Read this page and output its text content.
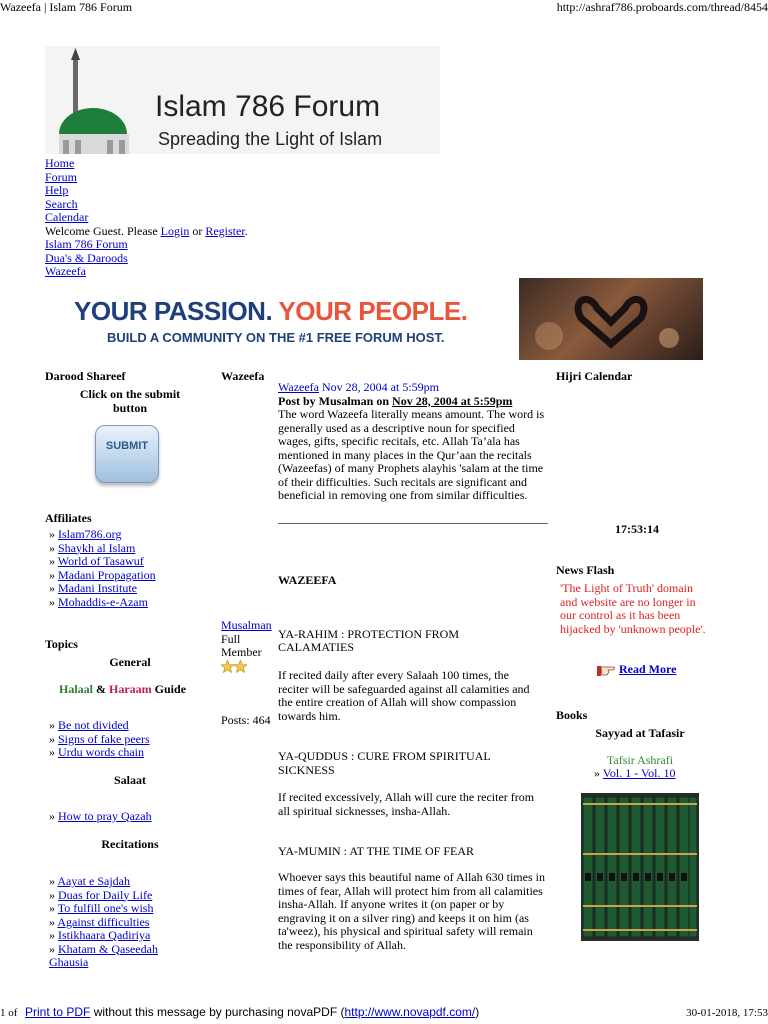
Wazeefa | Islam 786 Forum	http://ashraf786.proboards.com/thread/8454
Islam 786 Forum
Spreading the Light of Islam
Home
Forum
Help
Search
Calendar
Welcome Guest. Please Login or Register.
Islam 786 Forum
Dua's & Daroods
Wazeefa
YOUR PASSION. YOUR PEOPLE.
BUILD A COMMUNITY ON THE #1 FREE FORUM HOST.
Darood Shareef
Click on the submit button
SUBMIT
Affiliates
» Islam786.org
» Shaykh al Islam
» World of Tasawuf
» Madani Propagation
» Madani Institute
» Mohaddis-e-Azam
Topics
General
Halaal & Haraam Guide
» Be not divided
» Signs of fake peers
» Urdu words chain
Salaat
» How to pray Qazah
Recitations
» Aayat e Sajdah
» Duas for Daily Life
» To fulfill one's wish
» Against difficulties
» Istikhaara Qadiriya
» Khatam & Qaseedah Ghausia
Wazeefa
Musalman
Full Member
Posts: 464
Wazeefa Nov 28, 2004 at 5:59pm
Post by Musalman on Nov 28, 2004 at 5:59pm

The word Wazeefa literally means amount. The word is generally used as a descriptive noun for specified wages, gifts, specific recitals, etc. Allah Ta’ala has mentioned in many places in the Qur’aan the recitals (Wazeefas) of many Prophets alayhis 'salam at the time of their difficulties. Such recitals are significant and beneficial in removing one from similar difficulties.

WAZEEFA
YA-RAHIM : PROTECTION FROM CALAMATIES
If recited daily after every Salaah 100 times, the reciter will be safeguarded against all calamities and the entire creation of Allah will show compassion towards him.
YA-QUDDUS : CURE FROM SPIRITUAL SICKNESS
If recited excessively, Allah will cure the reciter from all spiritual sicknesses, insha-Allah.
YA-MUMIN : AT THE TIME OF FEAR
Whoever says this beautiful name of Allah 630 times in times of fear, Allah will protect him from all calamities insha-Allah. If anyone writes it (on paper or by engraving it on a silver ring) and keeps it on him (as ta'weez), his physical and spiritual safety will remain the responsibility of Allah.
Hijri Calendar
17:53:14
News Flash
'The Light of Truth' domain and website are no longer in our control as it has been hijacked by 'unknown people'.
Read More
Books
Sayyad at Tafasir
Tafsir Ashrafi
» Vol. 1 - Vol. 10
1 of Print to PDF without this message by purchasing novaPDF (http://www.novapdf.com/)	30-01-2018, 17:53
